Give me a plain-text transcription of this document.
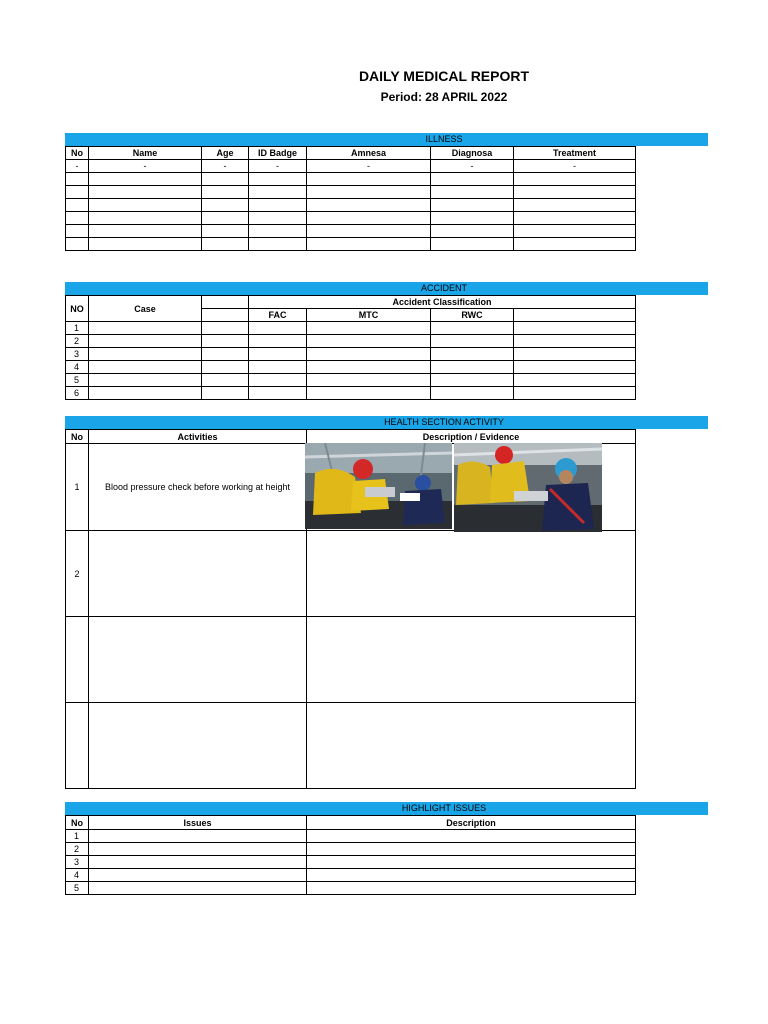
DAILY MEDICAL REPORT
Period: 28 APRIL 2022
ILLNESS
No	Name	Age	ID Badge	Amnesa	Diagnosa	Treatment
-	-	-	-	-	-	-

ACCIDENT
NO	Case		Accident Classification			
			FAC	MTC	RWC	
1						
2						
3						
4						
5						
6						
HEALTH SECTION ACTIVITY
No	Activities	Description / Evidence
1	Blood pressure check before working at height	
2		

HIGHLIGHT ISSUES
No	Issues	Description
1		
2		
3		
4		
5		
